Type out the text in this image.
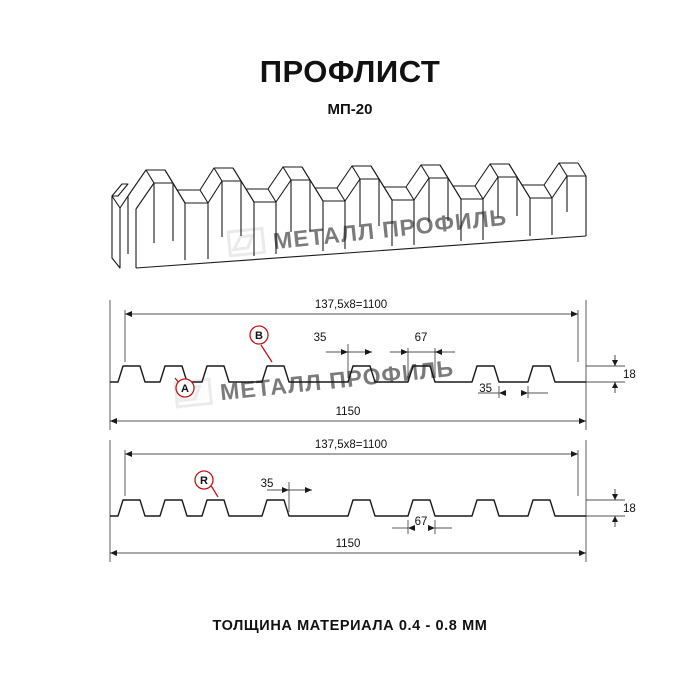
ПРОФЛИСТ
МП-20
МЕТАЛЛ ПРОФИЛЬ
МЕТАЛЛ ПРОФИЛЬ
137,5х8=1100
1150
18
35	67
35
A
B
137,5х8=1100
1150
18
35
67
R
ТОЛЩИНА МАТЕРИАЛА 0.4 - 0.8 ММ
